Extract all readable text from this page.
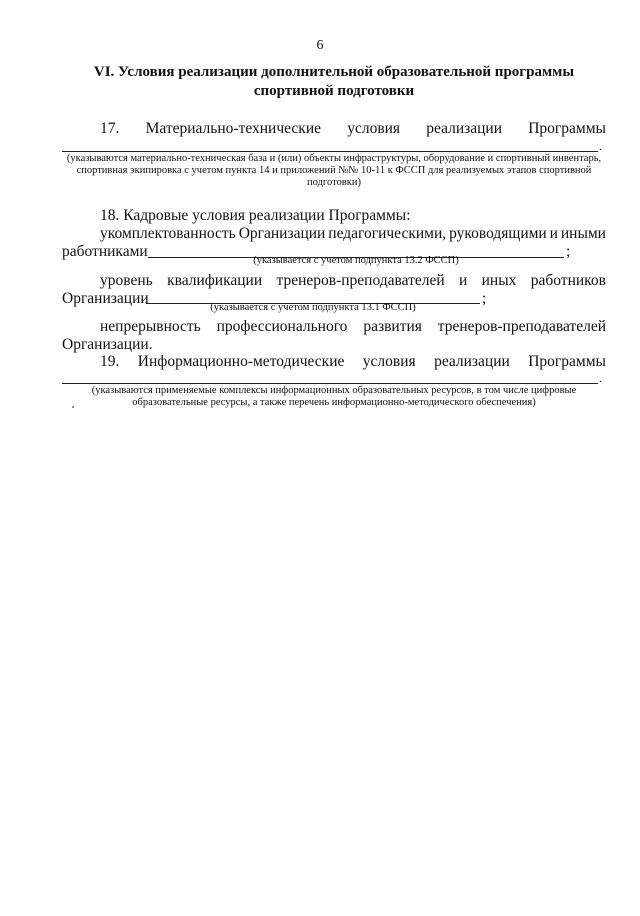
6
VI. Условия реализации дополнительной образовательной программы
спортивной подготовки
17. Материально-технические условия реализации Программы
.
(указываются материально-техническая база и (или) объекты инфраструктуры, оборудование и спортивный инвентарь, спортивная экипировка с учетом пункта 14 и приложений №№ 10-11 к ФССП для реализуемых этапов спортивной подготовки)
18. Кадровые условия реализации Программы:
укомплектованность Организации педагогическими, руководящими и иными
работниками	;
(указывается с учетом подпункта 13.2 ФССП)
уровень квалификации тренеров-преподавателей и иных работников
Организации	;
(указывается с учетом подпункта 13.1 ФССП)
непрерывность профессионального развития тренеров-преподавателей
Организации.
19. Информационно-методические условия реализации Программы
.
(указываются применяемые комплексы информационных образовательных ресурсов, в том числе цифровые образовательные ресурсы, а также перечень информационно-методического обеспечения)
